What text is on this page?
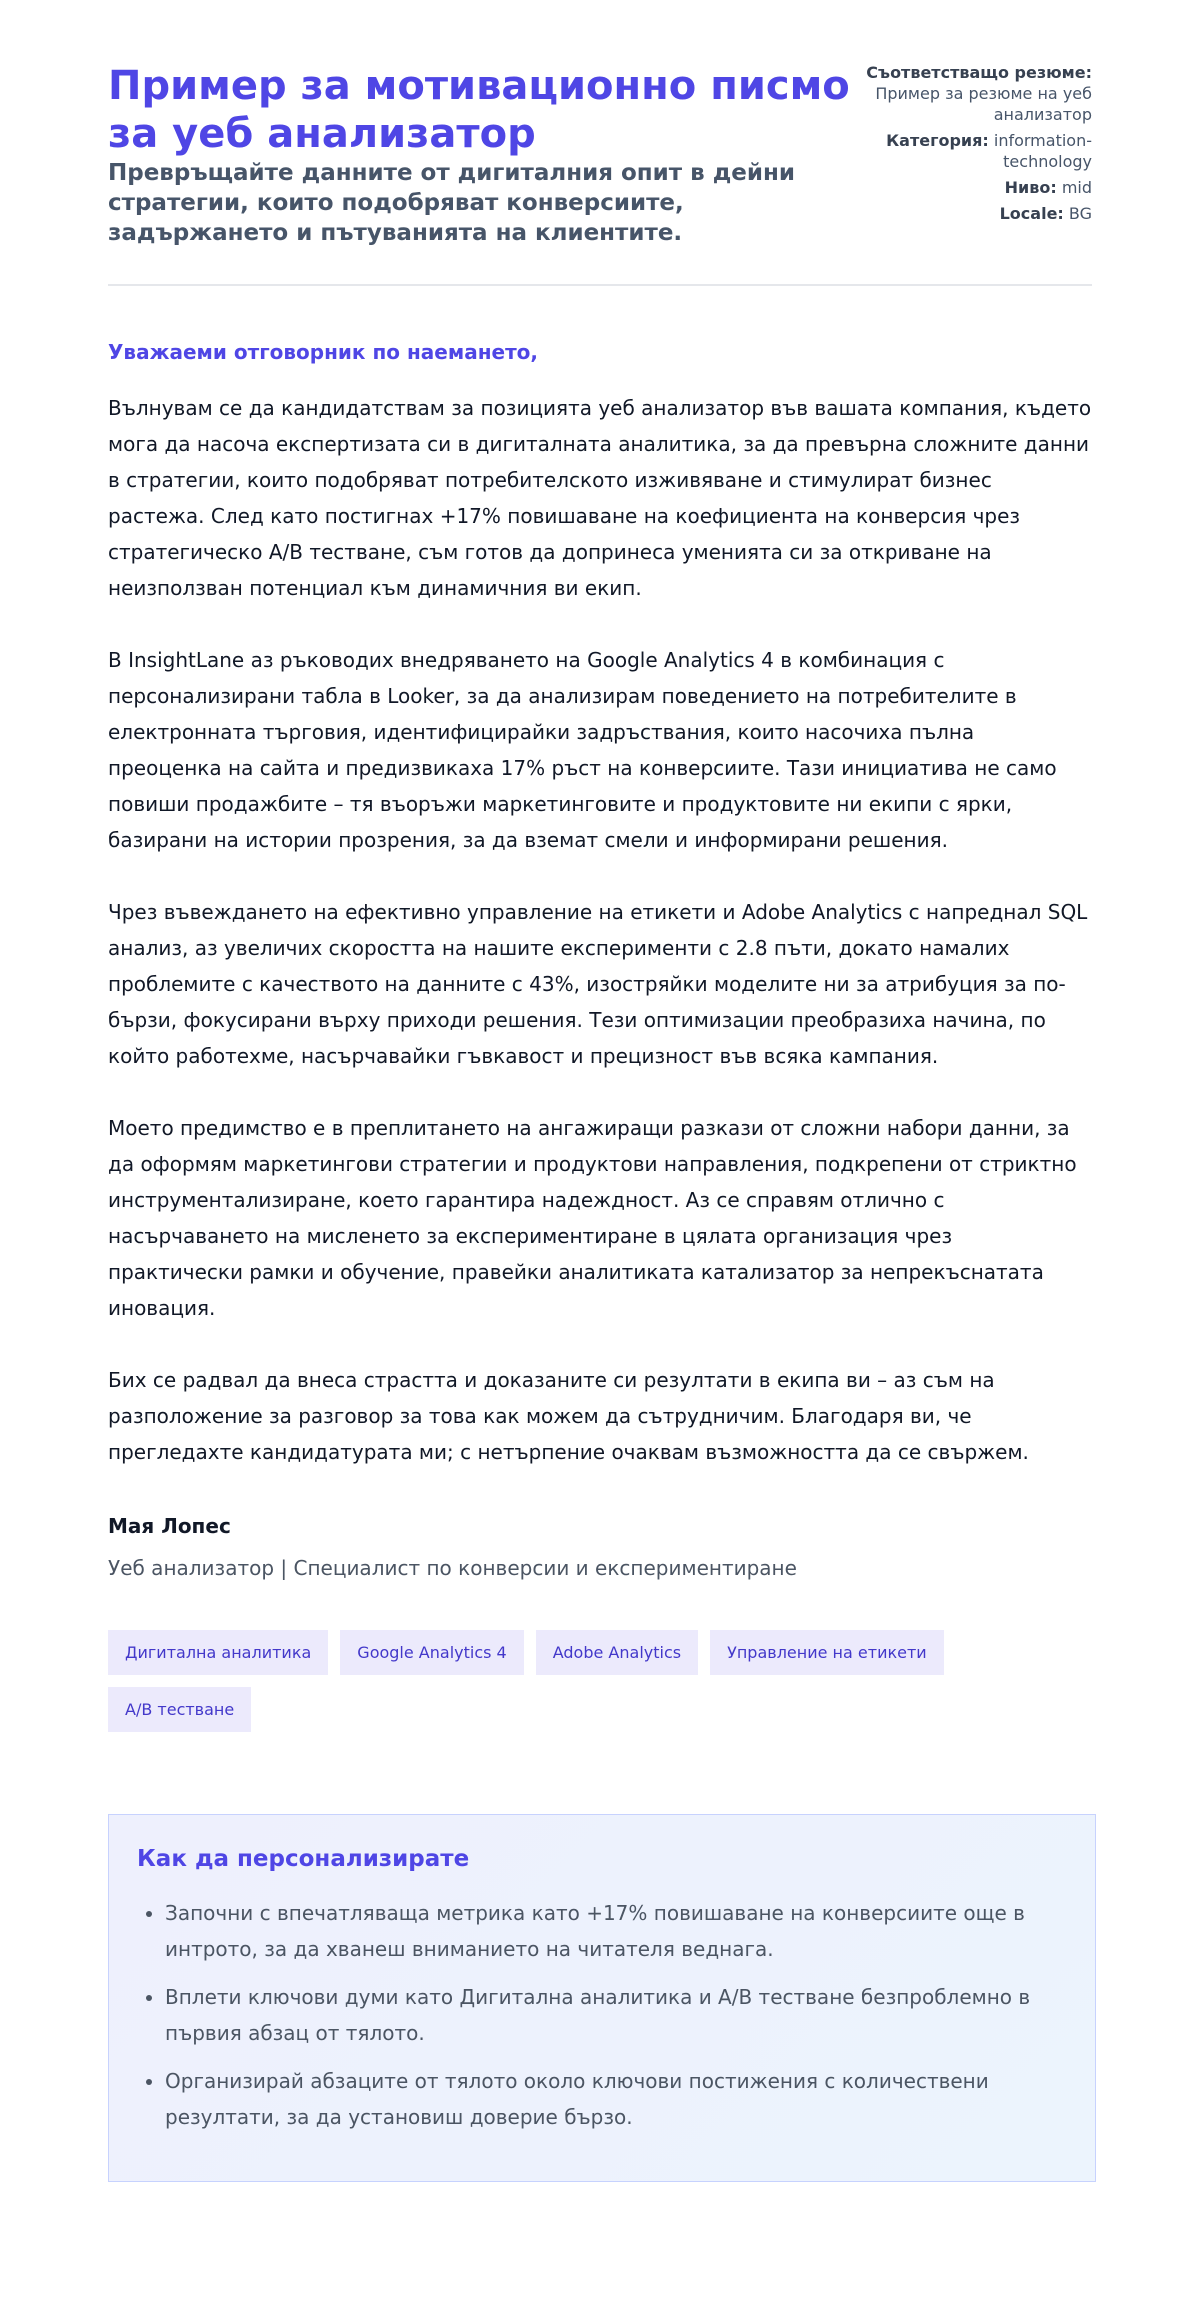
Пример за мотивационно писмо за уеб анализатор
Превръщайте данните от дигиталния опит в дейни стратегии, които подобряват конверсиите, задържането и пътуванията на клиентите.
Съответстващо резюме: Пример за резюме на уеб анализатор
Категория: information-technology
Ниво: mid
Locale: BG

Уважаеми отговорник по наемането,

Вълнувам се да кандидатствам за позицията уеб анализатор във вашата компания, където мога да насоча експертизата си в дигиталната аналитика, за да превърна сложните данни в стратегии, които подобряват потребителското изживяване и стимулират бизнес растежа. След като постигнах +17% повишаване на коефициента на конверсия чрез стратегическо A/B тестване, съм готов да допринеса уменията си за откриване на неизползван потенциал към динамичния ви екип.

В InsightLane аз ръководих внедряването на Google Analytics 4 в комбинация с персонализирани табла в Looker, за да анализирам поведението на потребителите в електронната търговия, идентифицирайки задръствания, които насочиха пълна преоценка на сайта и предизвикаха 17% ръст на конверсиите. Тази инициатива не само повиши продажбите – тя въоръжи маркетинговите и продуктовите ни екипи с ярки, базирани на истории прозрения, за да вземат смели и информирани решения.

Чрез въвеждането на ефективно управление на етикети и Adobe Analytics с напреднал SQL анализ, аз увеличих скоростта на нашите експерименти с 2.8 пъти, докато намалих проблемите с качеството на данните с 43%, изостряйки моделите ни за атрибуция за по-бързи, фокусирани върху приходи решения. Тези оптимизации преобразиха начина, по който работехме, насърчавайки гъвкавост и прецизност във всяка кампания.

Моето предимство е в преплитането на ангажиращи разкази от сложни набори данни, за да оформям маркетингови стратегии и продуктови направления, подкрепени от стриктно инструментализиране, което гарантира надеждност. Аз се справям отлично с насърчаването на мисленето за експериментиране в цялата организация чрез практически рамки и обучение, правейки аналитиката катализатор за непрекъснатата иновация.

Бих се радвал да внеса страстта и доказаните си резултати в екипа ви – аз съм на разположение за разговор за това как можем да сътрудничим. Благодаря ви, че прегледахте кандидатурата ми; с нетърпение очаквам възможността да се свържем.

Мая Лопес

Уеб анализатор | Специалист по конверсии и експериментиране

Дигитална аналитика	Google Analytics 4	Adobe Analytics	Управление на етикети
A/B тестване
Как да персонализирате
• Започни с впечатляваща метрика като +17% повишаване на конверсиите още в интрото, за да хванеш вниманието на читателя веднага.
• Вплети ключови думи като Дигитална аналитика и A/B тестване безпроблемно в първия абзац от тялото.
• Организирай абзаците от тялото около ключови постижения с количествени резултати, за да установиш доверие бързо.
